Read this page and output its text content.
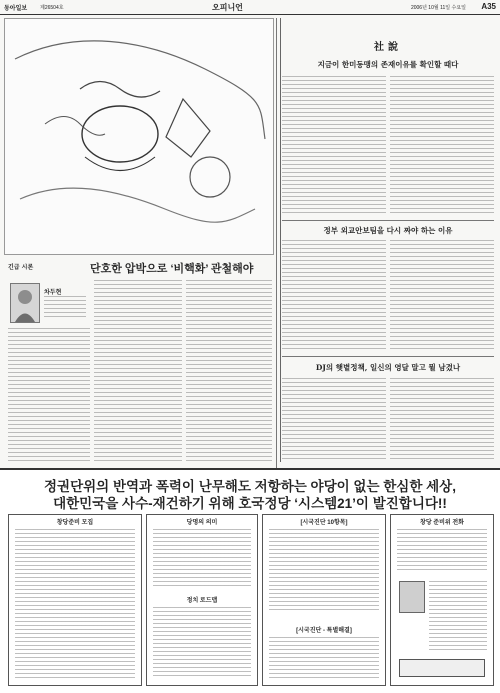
동아일보	제26504호	오피니언	2006년 10월 11일 수요일 A35
社說
지금이 한미동맹의 존재이유를 확인할 때다
정부 외교안보팀을 다시 짜야 하는 이유
DJ의 햇볕정책, 일신의 영달 말고 뭘 남겼나
긴급 시론	단호한 압박으로 ‘비핵화’ 관철해야
차두현
정권단위의 반역과 폭력이 난무해도 저항하는 야당이 없는 한심한 세상,
대한민국을 사수-재건하기 위해 호국정당 ‘시스템21’이 발진합니다!!
창당준비 모집	당명의 의미
정치 로드맵
[시국진단 10항목]
[시국진단 - 특별해결]
창당 준비위 전화
